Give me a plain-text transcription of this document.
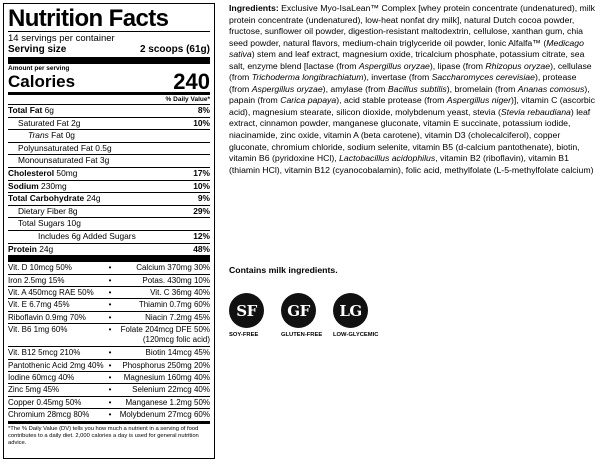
Nutrition Facts
14 servings per container
Serving size	2 scoops (61g)
Amount per serving
Calories	240
% Daily Value*
Total Fat 6g	8%
Saturated Fat 2g	10%
Trans Fat 0g
Polyunsaturated Fat 0.5g
Monounsaturated Fat 3g
Cholesterol 50mg	17%
Sodium 230mg	10%
Total Carbohydrate 24g	9%
Dietary Fiber 8g	29%
Total Sugars 10g
Includes 6g Added Sugars	12%
Protein 24g	48%
Vit. D 10mcg 50%	•	Calcium 370mg 30%
Iron 2.5mg 15%	•	Potas. 430mg 10%
Vit. A 450mcg RAE 50%	•	Vit. C 36mg 40%
Vit. E 6.7mg 45%	•	Thiamin 0.7mg 60%
Riboflavin 0.9mg 70%	•	Niacin 7.2mg 45%
Vit. B6 1mg 60%	•	Folate 204mcg DFE 50%
(120mcg folic acid)
Vit. B12 5mcg 210%	•	Biotin 14mcg 45%
Pantothenic Acid 2mg 40% •	Phosphorus 250mg 20%
Iodine 60mcg 40%	•	Magnesium 160mg 40%
Zinc 5mg 45%	•	Selenium 22mcg 40%
Copper 0.45mg 50%	•	Manganese 1.2mg 50%
Chromium 28mcg 80%	•	Molybdenum 27mcg 60%
*The % Daily Value (DV) tells you how much a nutrient in a serving of food contributes to a daily diet. 2,000 calories a day is used for general nutrition advice.
Ingredients: Exclusive Myo-IsaLean™ Complex [whey protein concentrate (undenatured), milk protein concentrate (undenatured), low-heat nonfat dry milk], natural Dutch cocoa powder, fructose, sunflower oil powder, digestion-resistant maltodextrin, cellulose, xanthan gum, chia seed powder, natural flavors, medium-chain triglyceride oil powder, Ionic Alfalfa™ (Medicago sativa) stem and leaf extract, magnesium oxide, tricalcium phosphate, potassium citrate, sea salt, enzyme blend [lactase (from Aspergillus oryzae), lipase (from Rhizopus oryzae), cellulase (from Trichoderma longibrachiatum), invertase (from Saccharomyces cerevisiae), protease (from Aspergillus oryzae), amylase (from Bacillus subtilis), bromelain (from Ananas comosus), papain (from Carica papaya), acid stable protease (from Aspergillus niger)], vitamin C (ascorbic acid), magnesium stearate, silicon dioxide, molybdenum yeast, stevia (Stevia rebaudiana) leaf extract, cinnamon powder, manganese gluconate, vitamin E succinate, potassium iodide, niacinamide, zinc oxide, vitamin A (beta carotene), vitamin D3 (cholecalciferol), copper gluconate, chromium chloride, sodium selenite, vitamin B5 (d-calcium pantothenate), biotin, vitamin B6 (pyridoxine HCl), Lactobacillus acidophilus, vitamin B2 (riboflavin), vitamin B1 (thiamin HCl), vitamin B12 (cyanocobalamin), folic acid, methylfolate (L-5-methylfolate calcium)
Contains milk ingredients.
SF
SOY-FREE
GF
GLUTEN-FREE
LG
LOW-GLYCEMIC
